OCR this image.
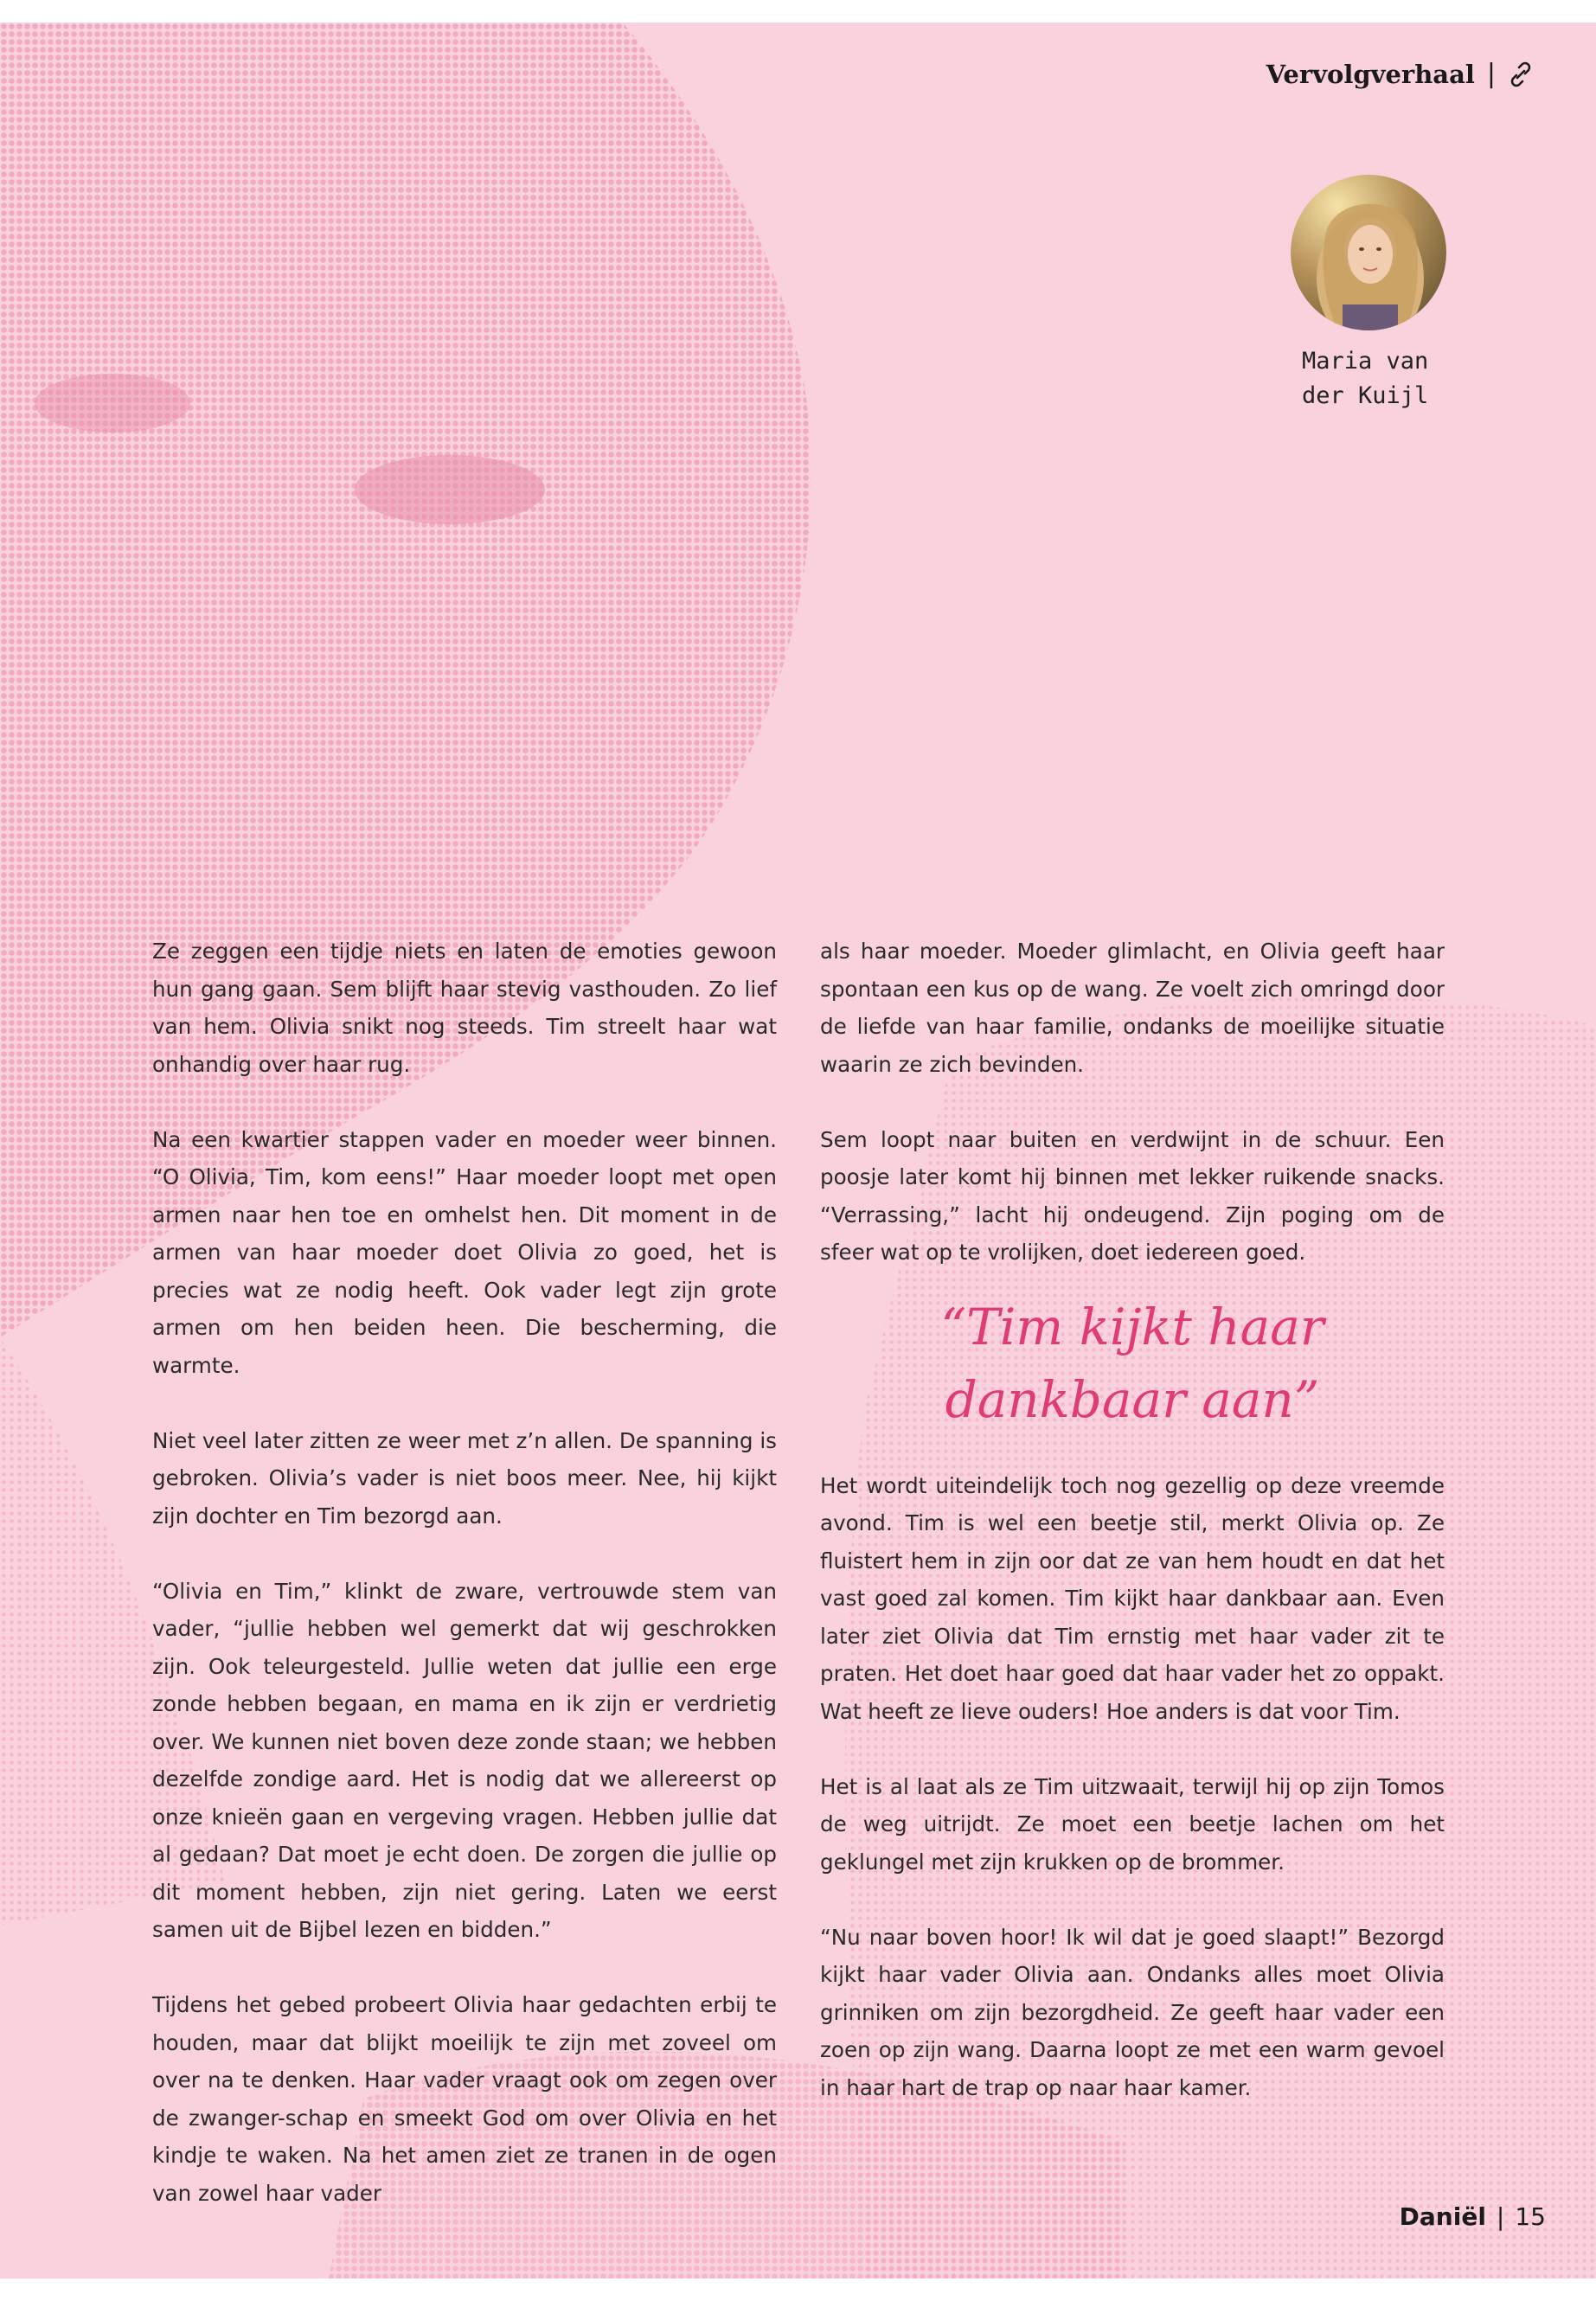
Vervolgverhaal |
Maria van
der Kuijl

Ze zeggen een tijdje niets en laten de emoties gewoon hun gang gaan. Sem blijft haar stevig vasthouden. Zo lief van hem. Olivia snikt nog steeds. Tim streelt haar wat onhandig over haar rug.

Na een kwartier stappen vader en moeder weer binnen. “O Olivia, Tim, kom eens!” Haar moeder loopt met open armen naar hen toe en omhelst hen. Dit moment in de armen van haar moeder doet Olivia zo goed, het is precies wat ze nodig heeft. Ook vader legt zijn grote armen om hen beiden heen. Die bescherming, die warmte.

Niet veel later zitten ze weer met z’n allen. De spanning is gebroken. Olivia’s vader is niet boos meer. Nee, hij kijkt zijn dochter en Tim bezorgd aan.

“Olivia en Tim,” klinkt de zware, vertrouwde stem van vader, “jullie hebben wel gemerkt dat wij geschrokken zijn. Ook teleurgesteld. Jullie weten dat jullie een erge zonde hebben begaan, en mama en ik zijn er verdrietig over. We kunnen niet boven deze zonde staan; we hebben dezelfde zondige aard. Het is nodig dat we allereerst op onze knieën gaan en vergeving vragen. Hebben jullie dat al gedaan? Dat moet je echt doen. De zorgen die jullie op dit moment hebben, zijn niet gering. Laten we eerst samen uit de Bijbel lezen en bidden.”

Tijdens het gebed probeert Olivia haar gedachten erbij te houden, maar dat blijkt moeilijk te zijn met zoveel om over na te denken. Haar vader vraagt ook om zegen over de zwanger-schap en smeekt God om over Olivia en het kindje te waken. Na het amen ziet ze tranen in de ogen van zowel haar vader

als haar moeder. Moeder glimlacht, en Olivia geeft haar spontaan een kus op de wang. Ze voelt zich omringd door de liefde van haar familie, ondanks de moeilijke situatie waarin ze zich bevinden.

Sem loopt naar buiten en verdwijnt in de schuur. Een poosje later komt hij binnen met lekker ruikende snacks. “Verrassing,” lacht hij ondeugend. Zijn poging om de sfeer wat op te vrolijken, doet iedereen goed.

“Tim kijkt haar dankbaar aan”

Het wordt uiteindelijk toch nog gezellig op deze vreemde avond. Tim is wel een beetje stil, merkt Olivia op. Ze fluistert hem in zijn oor dat ze van hem houdt en dat het vast goed zal komen. Tim kijkt haar dankbaar aan. Even later ziet Olivia dat Tim ernstig met haar vader zit te praten. Het doet haar goed dat haar vader het zo oppakt. Wat heeft ze lieve ouders! Hoe anders is dat voor Tim.

Het is al laat als ze Tim uitzwaait, terwijl hij op zijn Tomos de weg uitrijdt. Ze moet een beetje lachen om het geklungel met zijn krukken op de brommer.

“Nu naar boven hoor! Ik wil dat je goed slaapt!” Bezorgd kijkt haar vader Olivia aan. Ondanks alles moet Olivia grinniken om zijn bezorgdheid. Ze geeft haar vader een zoen op zijn wang. Daarna loopt ze met een warm gevoel in haar hart de trap op naar haar kamer.

Daniël | 15
